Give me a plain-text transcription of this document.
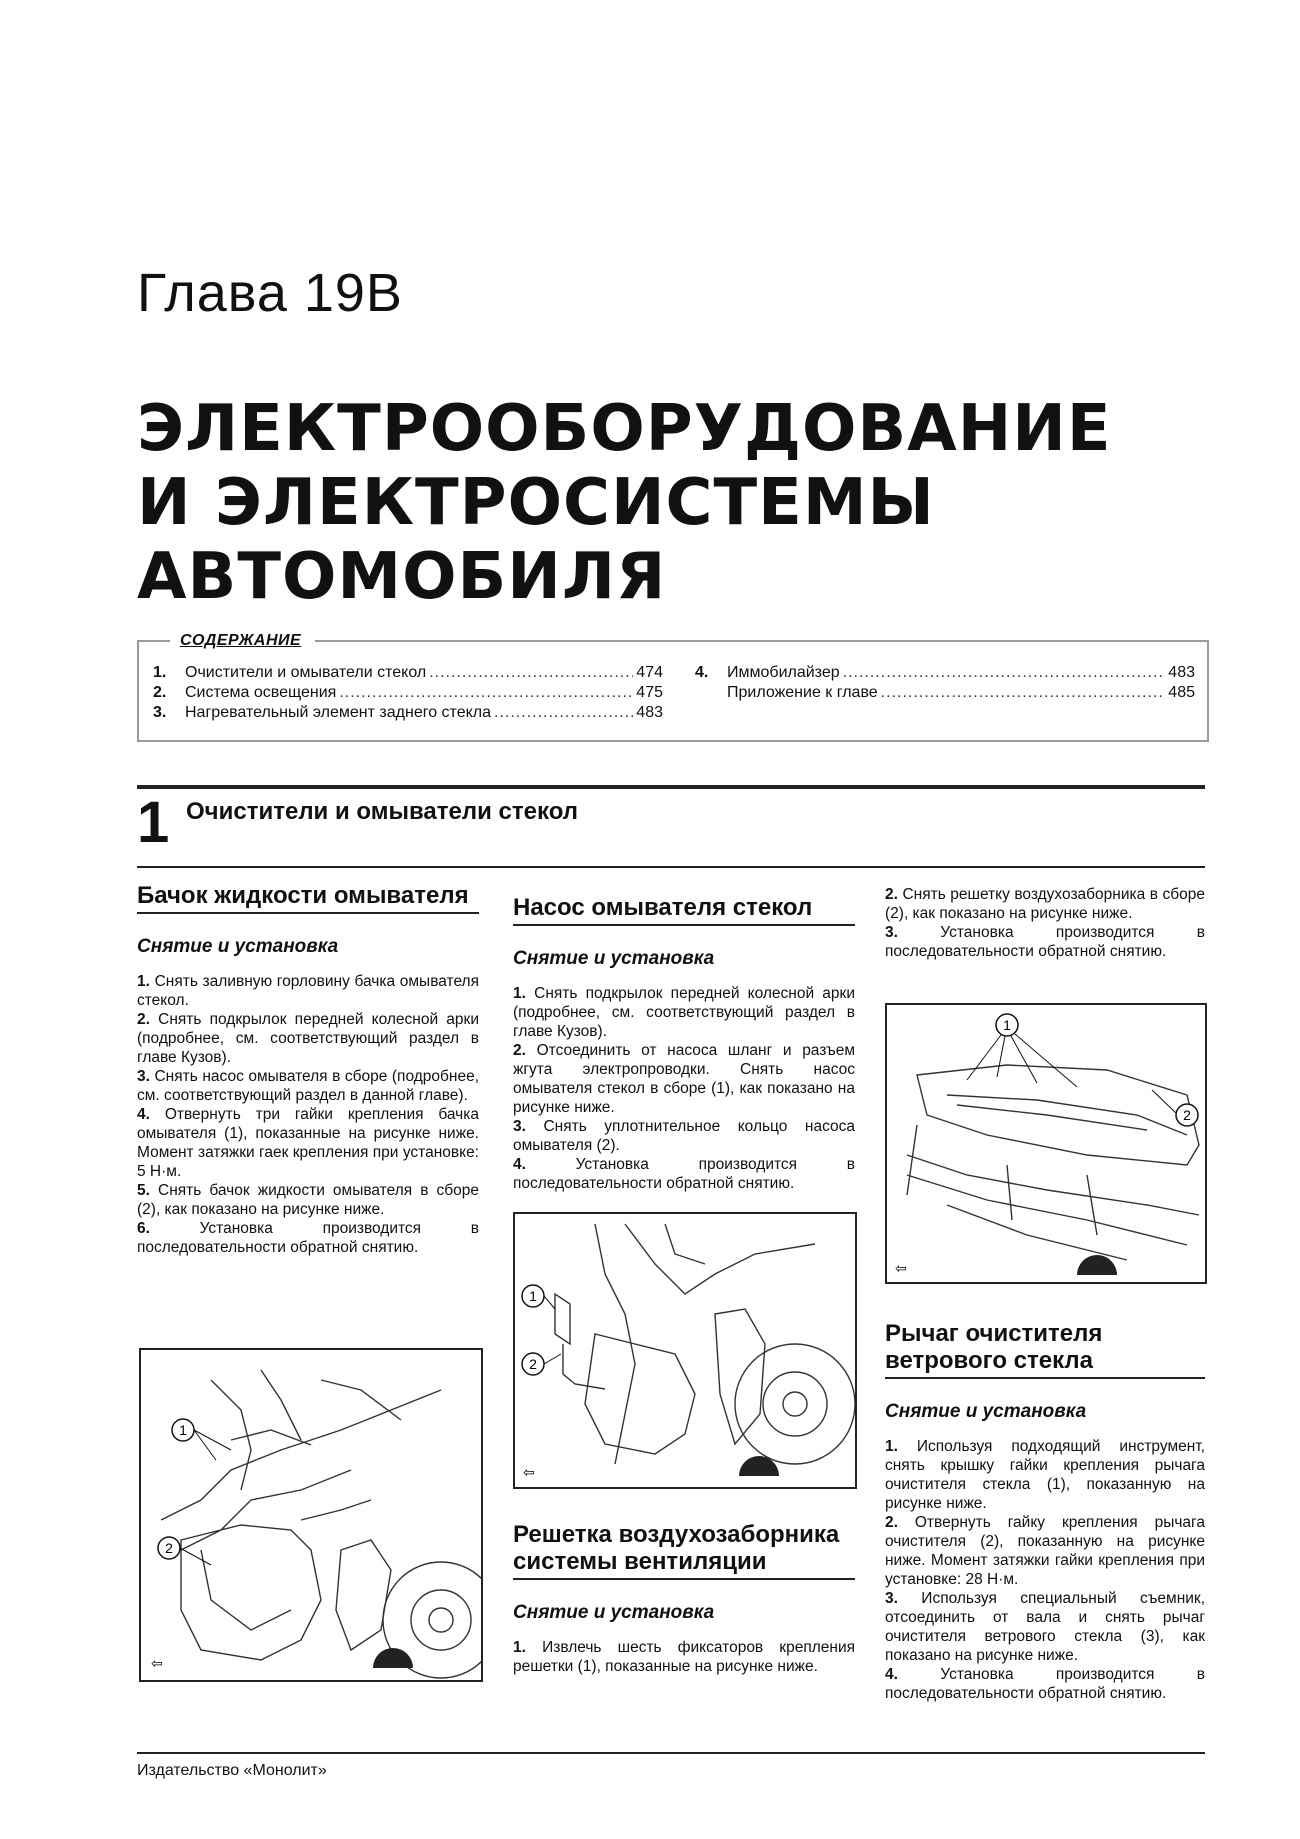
Глава 19В
ЭЛЕКТРООБОРУДОВАНИЕ
И ЭЛЕКТРОСИСТЕМЫ
АВТОМОБИЛЯ
СОДЕРЖАНИЕ
1.	Очистители и омыватели стекол .....	474
2.	Система освещения .....	475
3.	Нагревательный элемент заднего стекла .....	483
4.	Иммобилайзер .....	483
Приложение к главе .....	485
1 Очистители и омыватели стекол
Бачок жидкости омывателя
Снятие и установка
1. Снять заливную горловину бачка омывателя стекол.
2. Снять подкрылок передней колесной арки (подробнее, см. соответствующий раздел в главе Кузов).
3. Снять насос омывателя в сборе (подробнее, см. соответствующий раздел в данной главе).
4. Отвернуть три гайки крепления бачка омывателя (1), показанные на рисунке ниже. Момент затяжки гаек крепления при установке: 5 Н·м.
5. Снять бачок жидкости омывателя в сборе (2), как показано на рисунке ниже.
6.	Установка производится в последовательности обратной снятию.
1
2
⇦
Насос омывателя стекол
Снятие и установка
1. Снять подкрылок передней колесной арки (подробнее, см. соответствующий раздел в главе Кузов).
2. Отсоединить от насоса шланг и разъем жгута электропроводки. Снять насос омывателя стекол в сборе (1), как показано на рисунке ниже.
3. Снять уплотнительное кольцо насоса омывателя (2).
4.	Установка производится в последовательности обратной снятию.
1
2
⇦
Решетка воздухозаборника системы вентиляции
Снятие и установка
1. Извлечь шесть фиксаторов крепления решетки (1), показанные на рисунке ниже.
2. Снять решетку воздухозаборника в сборе (2), как показано на рисунке ниже.
3.	Установка производится в последовательности обратной снятию.
1
2
⇦
Рычаг очистителя ветрового стекла
Снятие и установка
1. Используя подходящий инструмент, снять крышку гайки крепления рычага очистителя стекла (1), показанную на рисунке ниже.
2. Отвернуть гайку крепления рычага очистителя (2), показанную на рисунке ниже. Момент затяжки гайки крепления при установке: 28 Н·м.
3. Используя специальный съемник, отсоединить от вала и снять рычаг очистителя ветрового стекла (3), как показано на рисунке ниже.
4.	Установка производится в последовательности обратной снятию.
Издательство «Монолит»
